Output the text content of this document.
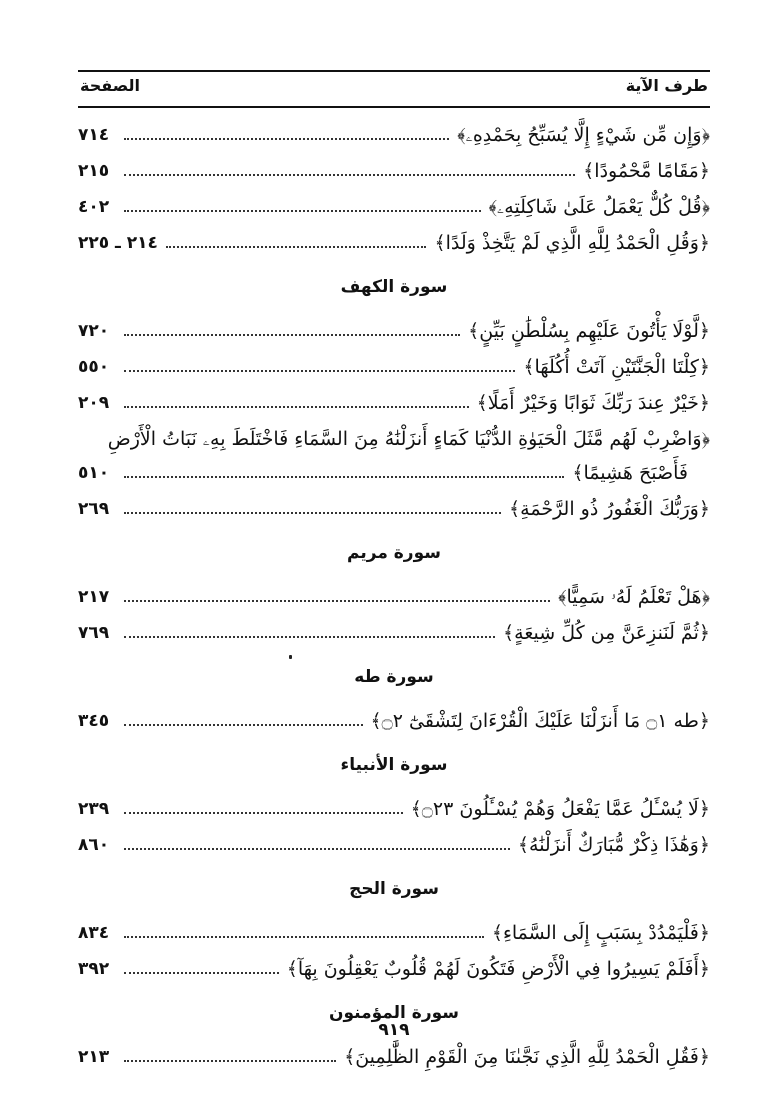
طرف الآية
الصفحة
﴿وَإِن مِّن شَيْءٍ إِلَّا يُسَبِّحُ بِحَمْدِهِۦ﴾
٧١٤
﴿مَقَامًا مَّحْمُودًا﴾
٢١٥
﴿قُلْ كُلٌّ يَعْمَلُ عَلَىٰ شَاكِلَتِهِۦ﴾
٤٠٢
﴿وَقُلِ الْحَمْدُ لِلَّهِ الَّذِي لَمْ يَتَّخِذْ وَلَدًا﴾
٢١٤ ـ ٢٢٥
سورة الكهف
﴿لَّوْلَا يَأْتُونَ عَلَيْهِم بِسُلْطَٰنٍ بَيِّنٍ﴾
٧٢٠
﴿كِلْتَا الْجَنَّتَيْنِ آتَتْ أُكُلَهَا﴾
٥٥٠
﴿خَيْرٌ عِندَ رَبِّكَ ثَوَابًا وَخَيْرٌ أَمَلًا﴾
٢٠٩
﴿وَاضْرِبْ لَهُم مَّثَلَ الْحَيَوٰةِ الدُّنْيَا كَمَاءٍ أَنزَلْنَٰهُ مِنَ السَّمَاءِ فَاخْتَلَطَ بِهِۦ نَبَاتُ الْأَرْضِ
فَأَصْبَحَ هَشِيمًا﴾
٥١٠
﴿وَرَبُّكَ الْغَفُورُ ذُو الرَّحْمَةِ﴾
٢٦٩
سورة مريم
﴿هَلْ تَعْلَمُ لَهُۥ سَمِيًّا﴾
٢١٧
﴿ثُمَّ لَنَنزِعَنَّ مِن كُلِّ شِيعَةٍ﴾
٧٦٩
سورة طه
﴿طه ۝١ مَا أَنزَلْنَا عَلَيْكَ الْقُرْءَانَ لِتَشْقَىٰٓ ۝٢﴾
٣٤٥
سورة الأنبياء
﴿لَا يُسْـَٔلُ عَمَّا يَفْعَلُ وَهُمْ يُسْـَٔلُونَ ۝٢٣﴾
٢٣٩
﴿وَهَٰذَا ذِكْرٌ مُّبَارَكٌ أَنزَلْنَٰهُ﴾
٨٦٠
سورة الحج
﴿فَلْيَمْدُدْ بِسَبَبٍ إِلَى السَّمَاءِ﴾
٨٣٤
﴿أَفَلَمْ يَسِيرُوا فِي الْأَرْضِ فَتَكُونَ لَهُمْ قُلُوبٌ يَعْقِلُونَ بِهَآ﴾
٣٩٢
سورة المؤمنون
﴿فَقُلِ الْحَمْدُ لِلَّهِ الَّذِي نَجَّىٰنَا مِنَ الْقَوْمِ الظَّٰلِمِينَ﴾
٢١٣
٩١٩
